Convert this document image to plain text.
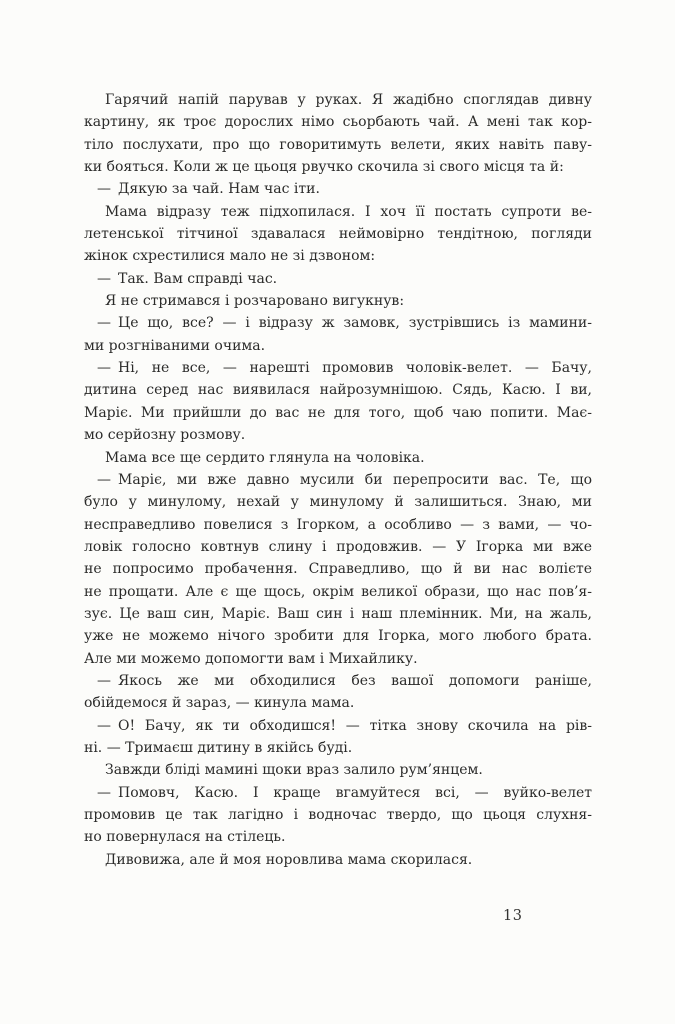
Гарячий напій парував у руках. Я жадібно споглядав дивну
картину, як троє дорослих німо сьорбають чай. А мені так кор-
тіло послухати, про що говоритимуть велети, яких навіть паву-
ки бояться. Коли ж це цьоця рвучко скочила зі свого місця та й:

— Дякую за чай. Нам час іти.

Мама відразу теж підхопилася. І хоч її постать супроти ве-
летенської тітчиної здавалася неймовірно тендітною, погляди
жінок схрестилися мало не зі дзвоном:

— Так. Вам справді час.

Я не стримався і розчаровано вигукнув:

— Це що, все? — і відразу ж замовк, зустрівшись із мамини-
ми розгніваними очима.

— Ні, не все, — нарешті промовив чоловік-велет. — Бачу,
дитина серед нас виявилася найрозумнішою. Сядь, Касю. І ви,
Маріє. Ми прийшли до вас не для того, щоб чаю попити. Має-
мо серйозну розмову.

Мама все ще сердито глянула на чоловіка.

— Маріє, ми вже давно мусили би перепросити вас. Те, що
було у минулому, нехай у минулому й залишиться. Знаю, ми
несправедливо повелися з Ігорком, а особливо — з вами, — чо-
ловік голосно ковтнув слину і продовжив. — У Ігорка ми вже
не попросимо пробачення. Справедливо, що й ви нас волієте
не прощати. Але є ще щось, окрім великої образи, що нас пов’я-
зує. Це ваш син, Маріє. Ваш син і наш племінник. Ми, на жаль,
уже не можемо нічого зробити для Ігорка, мого любого брата.
Але ми можемо допомогти вам і Михайлику.

— Якось же ми обходилися без вашої допомоги раніше,
обійдемося й зараз, — кинула мама.

— О! Бачу, як ти обходишся! — тітка знову скочила на рів-
ні. — Тримаєш дитину в якійсь буді.

Завжди бліді мамині щоки враз залило рум’янцем.

— Помовч, Касю. І краще вгамуйтеся всі, — вуйко-велет
промовив це так лагідно і водночас твердо, що цьоця слухня-
но повернулася на стілець.

Дивовижа, але й моя норовлива мама скорилася.

13
